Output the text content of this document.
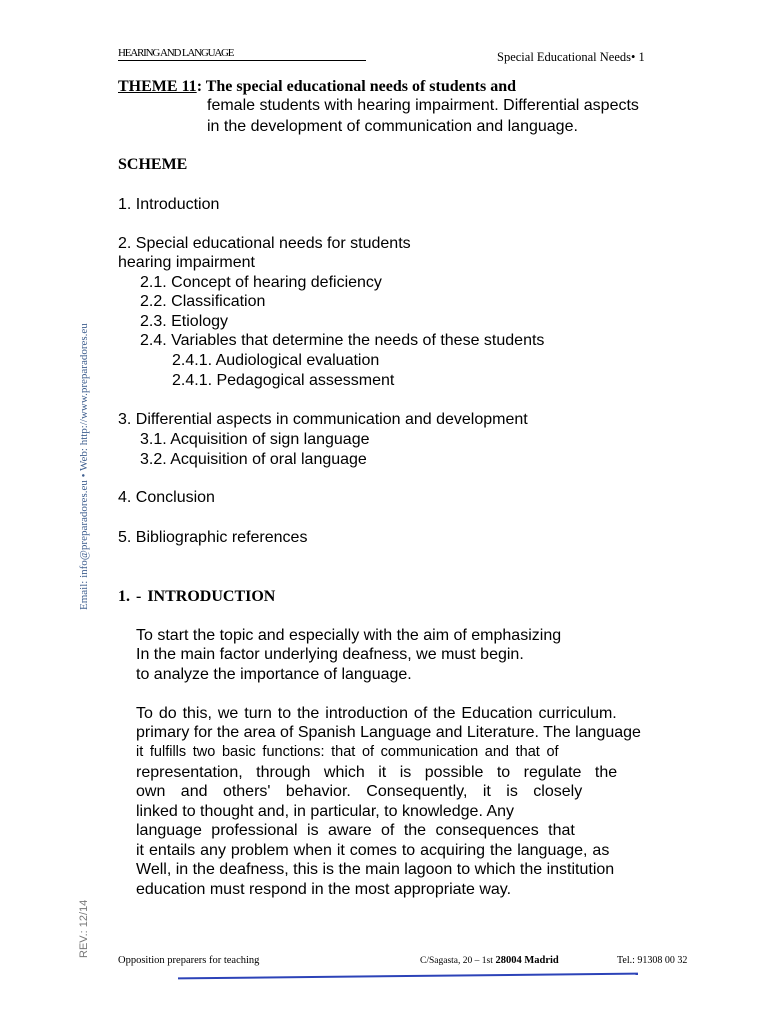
HEARING AND LANGUAGE	Special Educational Needs• 1
THEME 11: The special educational needs of students and
female students with hearing impairment. Differential aspects
in the development of communication and language.
SCHEME
1. Introduction
2. Special educational needs for students
hearing impairment
2.1. Concept of hearing deficiency
2.2. Classification
2.3. Etiology
2.4. Variables that determine the needs of these students
2.4.1. Audiological evaluation
2.4.1. Pedagogical assessment
3. Differential aspects in communication and development
3.1. Acquisition of sign language
3.2. Acquisition of oral language
4. Conclusion
5. Bibliographic references
1. - INTRODUCTION
To start the topic and especially with the aim of emphasizing
In the main factor underlying deafness, we must begin.
to analyze the importance of language.
To do this, we turn to the introduction of the Education curriculum.
primary for the area of Spanish Language and Literature. The language
it fulfills two basic functions: that of communication and that of
representation, through which it is possible to regulate the
own and others' behavior. Consequently, it is closely
linked to thought and, in particular, to knowledge. Any
language professional is aware of the consequences that
it entails any problem when it comes to acquiring the language, as
Well, in the deafness, this is the main lagoon to which the institution
education must respond in the most appropriate way.
Email: info@preparadores.eu • Web: http://www.preparadores.eu
REV.: 12/14
Opposition preparers for teaching	C/Sagasta, 20 – 1st 28004 Madrid	Tel.: 91308 00 32
